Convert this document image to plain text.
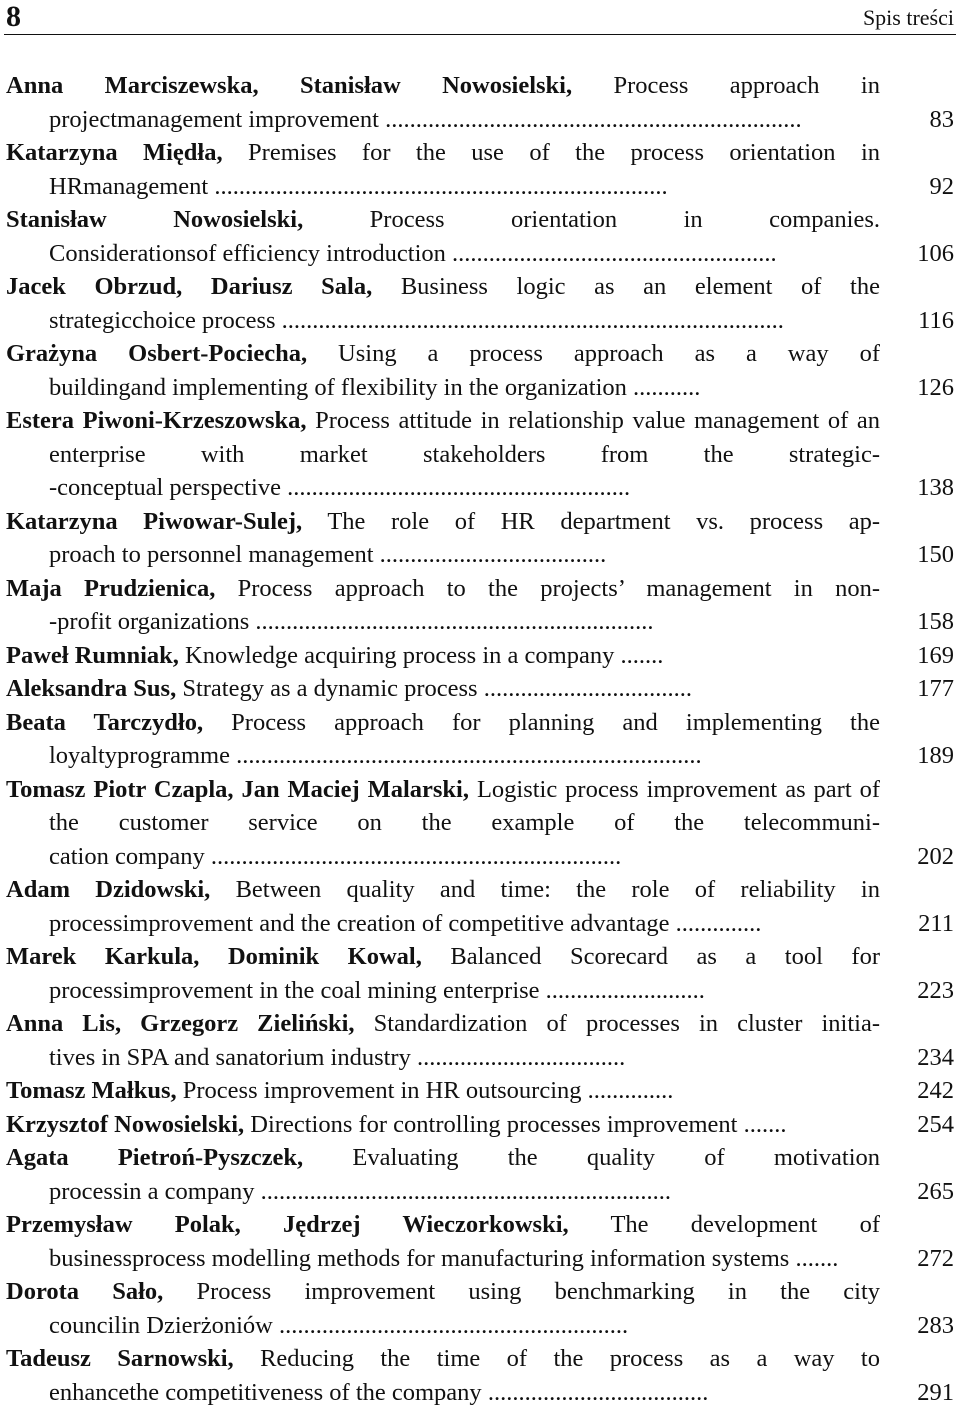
8	Spis treści
Anna Marciszewska, Stanisław Nowosielski, Process approach in projectmanagement improvement ....................................................................	83
Katarzyna Międła, Premises for the use of the process orientation in HRmanagement ..........................................................................	92
Stanisław Nowosielski, Process orientation in companies. Considerationsof efficiency introduction .....................................................	106
Jacek Obrzud, Dariusz Sala, Business logic as an element of the strategicchoice process ..................................................................................	116
Grażyna Osbert-Pociecha, Using a process approach as a way of buildingand implementing of flexibility in the organization ...........	126
Estera Piwoni-Krzeszowska, Process attitude in relationship value management of an enterprise with market stakeholders from the strategic--conceptual perspective ........................................................	138
Katarzyna Piwowar-Sulej, The role of HR department vs. process ap-proach to personnel management .....................................	150
Maja Prudzienica, Process approach to the projects’ management in non--profit organizations .................................................................	158
Paweł Rumniak, Knowledge acquiring process in a company .......	169
Aleksandra Sus, Strategy as a dynamic process ..................................	177
Beata Tarczydło, Process approach for planning and implementing the loyaltyprogramme ............................................................................	189
Tomasz Piotr Czapla, Jan Maciej Malarski, Logistic process improvement as part of the customer service on the example of the telecommuni-cation company ...................................................................	202
Adam Dzidowski, Between quality and time: the role of reliability in processimprovement and the creation of competitive advantage ..............	211
Marek Karkula, Dominik Kowal, Balanced Scorecard as a tool for processimprovement in the coal mining enterprise ..........................	223
Anna Lis, Grzegorz Zieliński, Standardization of processes in cluster initia-tives in SPA and sanatorium industry ..................................	234
Tomasz Małkus, Process improvement in HR outsourcing ..............	242
Krzysztof Nowosielski, Directions for controlling processes improvement .......	254
Agata Pietroń-Pyszczek, Evaluating the quality of motivation processin a company ...................................................................	265
Przemysław Polak, Jędrzej Wieczorkowski, The development of businessprocess modelling methods for manufacturing information systems .......	272
Dorota Sało, Process improvement using benchmarking in the city councilin Dzierżoniów .........................................................	283
Tadeusz Sarnowski, Reducing the time of the process as a way to enhancethe competitiveness of the company ....................................	291
